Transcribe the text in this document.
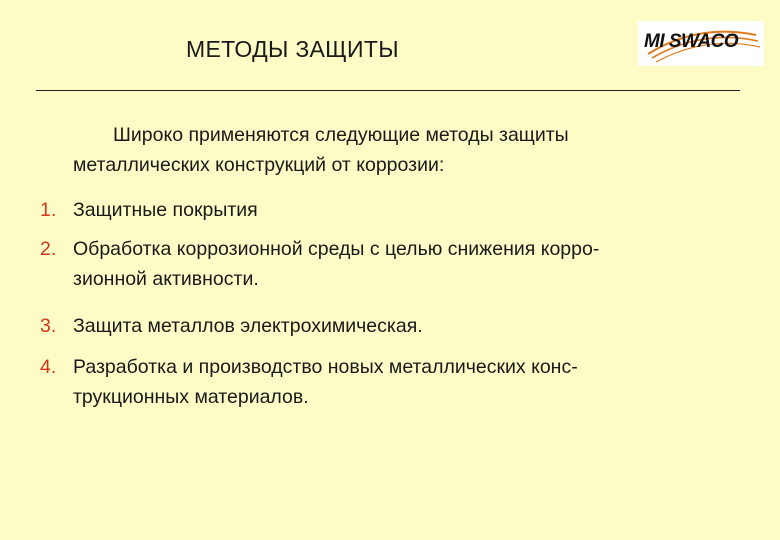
МЕТОДЫ ЗАЩИТЫ	MI SWACO
Широко применяются следующие методы защиты
металлических конструкций от коррозии:
1. Защитные покрытия
2. Обработка коррозионной среды с целью снижения корро-
зионной активности.
3. Защита металлов электрохимическая.
4. Разработка и производство новых металлических конс-
трукционных материалов.
